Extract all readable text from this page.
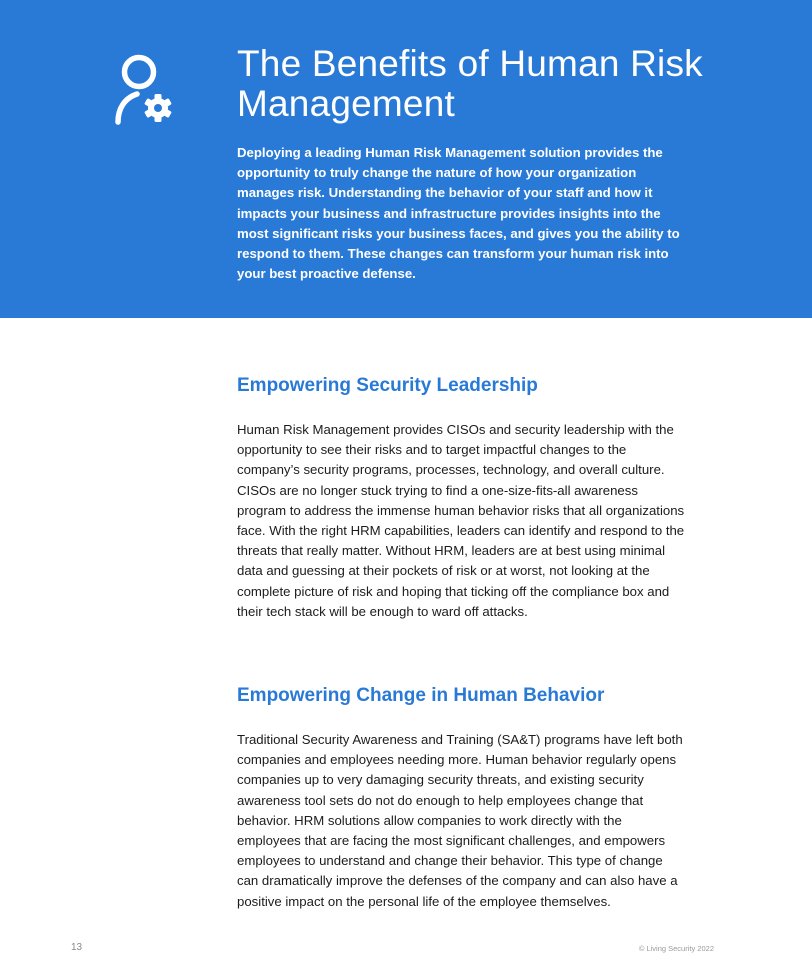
The Benefits of Human Risk Management

Deploying a leading Human Risk Management solution provides the opportunity to truly change the nature of how your organization manages risk. Understanding the behavior of your staff and how it impacts your business and infrastructure provides insights into the most significant risks your business faces, and gives you the ability to respond to them. These changes can transform your human risk into your best proactive defense.

Empowering Security Leadership

Human Risk Management provides CISOs and security leadership with the opportunity to see their risks and to target impactful changes to the company’s security programs, processes, technology, and overall culture. CISOs are no longer stuck trying to find a one-size-fits-all awareness program to address the immense human behavior risks that all organizations face. With the right HRM capabilities, leaders can identify and respond to the threats that really matter. Without HRM, leaders are at best using minimal data and guessing at their pockets of risk or at worst, not looking at the complete picture of risk and hoping that ticking off the compliance box and their tech stack will be enough to ward off attacks.

Empowering Change in Human Behavior

Traditional Security Awareness and Training (SA&T) programs have left both companies and employees needing more. Human behavior regularly opens companies up to very damaging security threats, and existing security awareness tool sets do not do enough to help employees change that behavior. HRM solutions allow companies to work directly with the employees that are facing the most significant challenges, and empowers employees to understand and change their behavior. This type of change can dramatically improve the defenses of the company and can also have a positive impact on the personal life of the employee themselves.

13	© Living Security 2022
